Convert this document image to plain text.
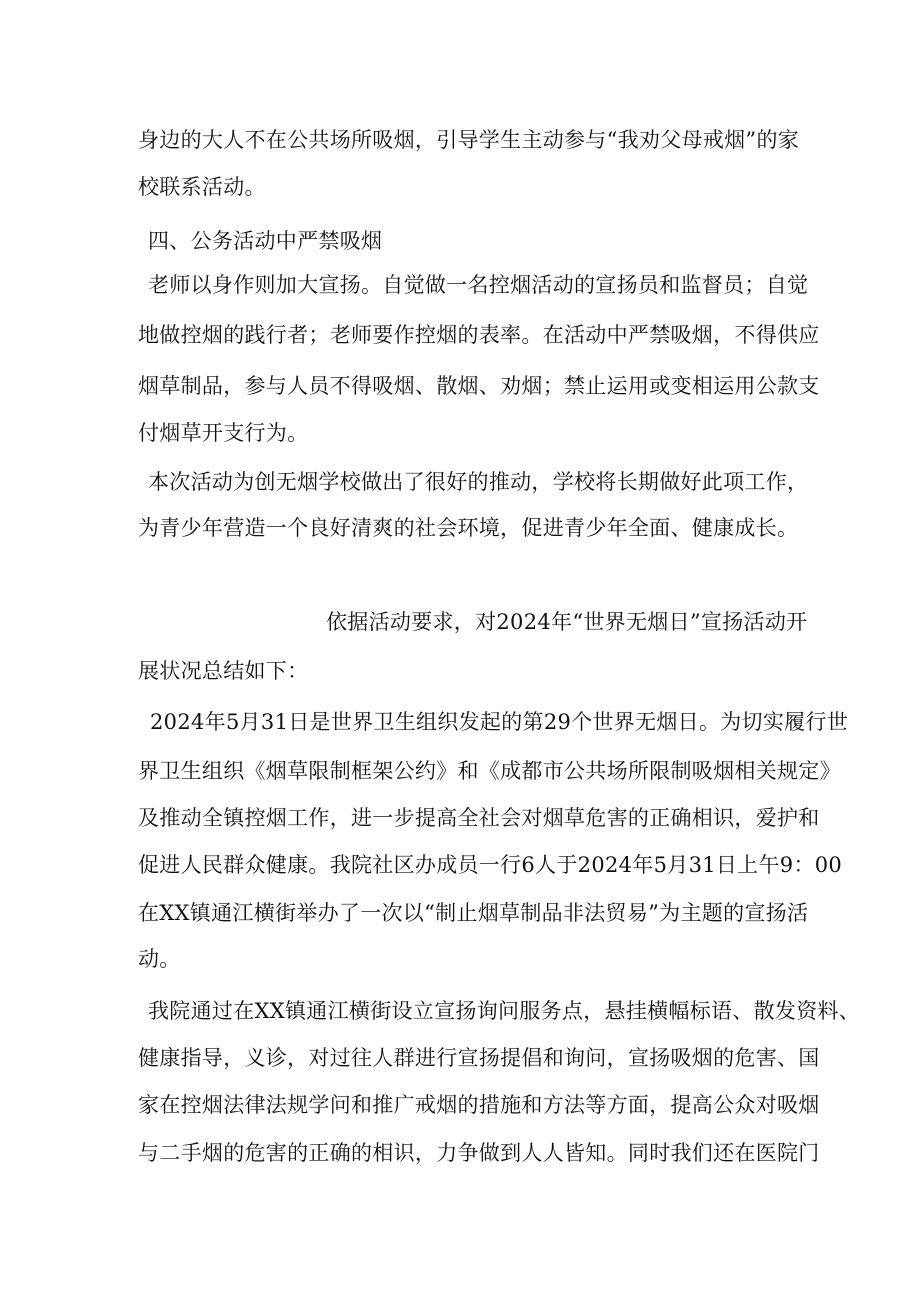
身边的大人不在公共场所吸烟，引导学生主动参与“我劝父母戒烟”的家
校联系活动。
四、公务活动中严禁吸烟
老师以身作则加大宣扬。自觉做一名控烟活动的宣扬员和监督员；自觉
地做控烟的践行者；老师要作控烟的表率。在活动中严禁吸烟，不得供应
烟草制品，参与人员不得吸烟、散烟、劝烟；禁止运用或变相运用公款支
付烟草开支行为。
本次活动为创无烟学校做出了很好的推动，学校将长期做好此项工作，
为青少年营造一个良好清爽的社会环境，促进青少年全面、健康成长。
依据活动要求，对2024年“世界无烟日”宣扬活动开
展状况总结如下：
2024年5月31日是世界卫生组织发起的第29个世界无烟日。为切实履行世
界卫生组织《烟草限制框架公约》和《成都市公共场所限制吸烟相关规定》
及推动全镇控烟工作，进一步提高全社会对烟草危害的正确相识，爱护和
促进人民群众健康。我院社区办成员一行6人于2024年5月31日上午9：00
在XX镇通江横街举办了一次以“制止烟草制品非法贸易”为主题的宣扬活
动。
我院通过在XX镇通江横街设立宣扬询问服务点，悬挂横幅标语、散发资料、
健康指导，义诊，对过往人群进行宣扬提倡和询问，宣扬吸烟的危害、国
家在控烟法律法规学问和推广戒烟的措施和方法等方面，提高公众对吸烟
与二手烟的危害的正确的相识，力争做到人人皆知。同时我们还在医院门
